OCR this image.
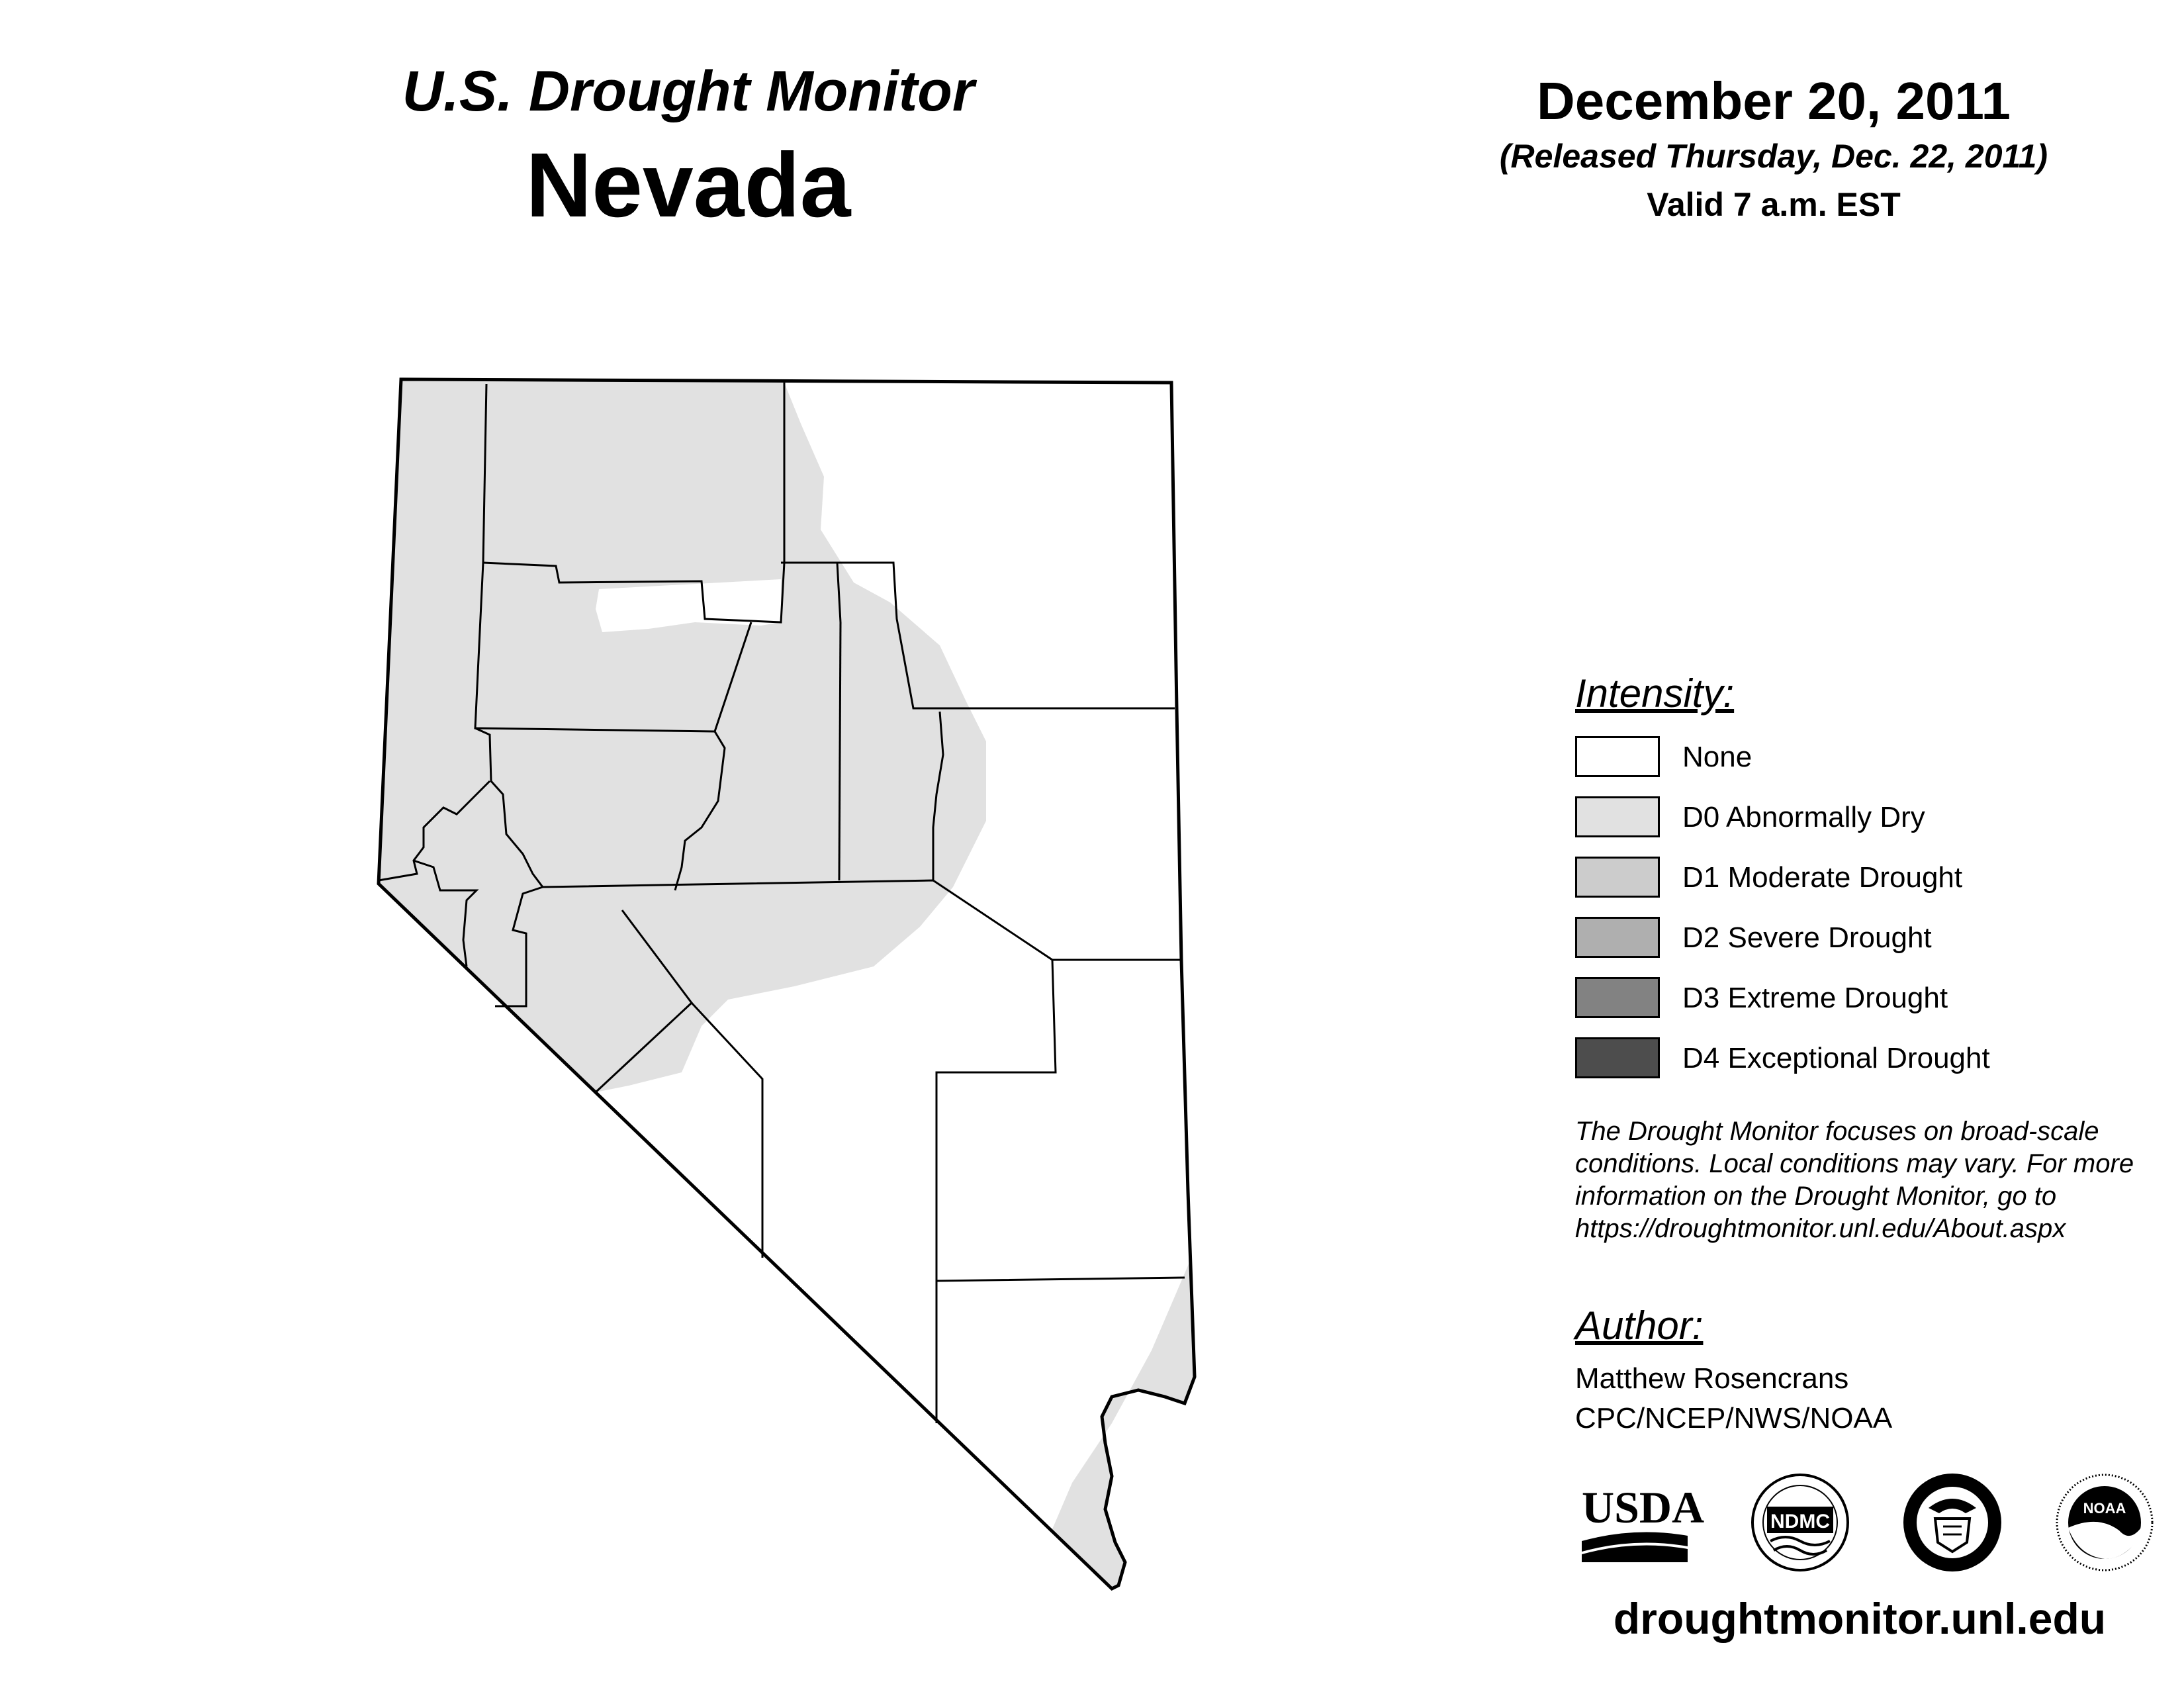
U.S. Drought Monitor
Nevada
December 20, 2011
(Released Thursday, Dec. 22, 2011)
Valid 7 a.m. EST
Intensity:
None
D0 Abnormally Dry
D1 Moderate Drought
D2 Severe Drought
D3 Extreme Drought
D4 Exceptional Drought
The Drought Monitor focuses on broad-scale
conditions. Local conditions may vary. For more
information on the Drought Monitor, go to
https://droughtmonitor.unl.edu/About.aspx
Author:
Matthew Rosencrans
CPC/NCEP/NWS/NOAA
USDA	NDMC
NOAA
droughtmonitor.unl.edu
